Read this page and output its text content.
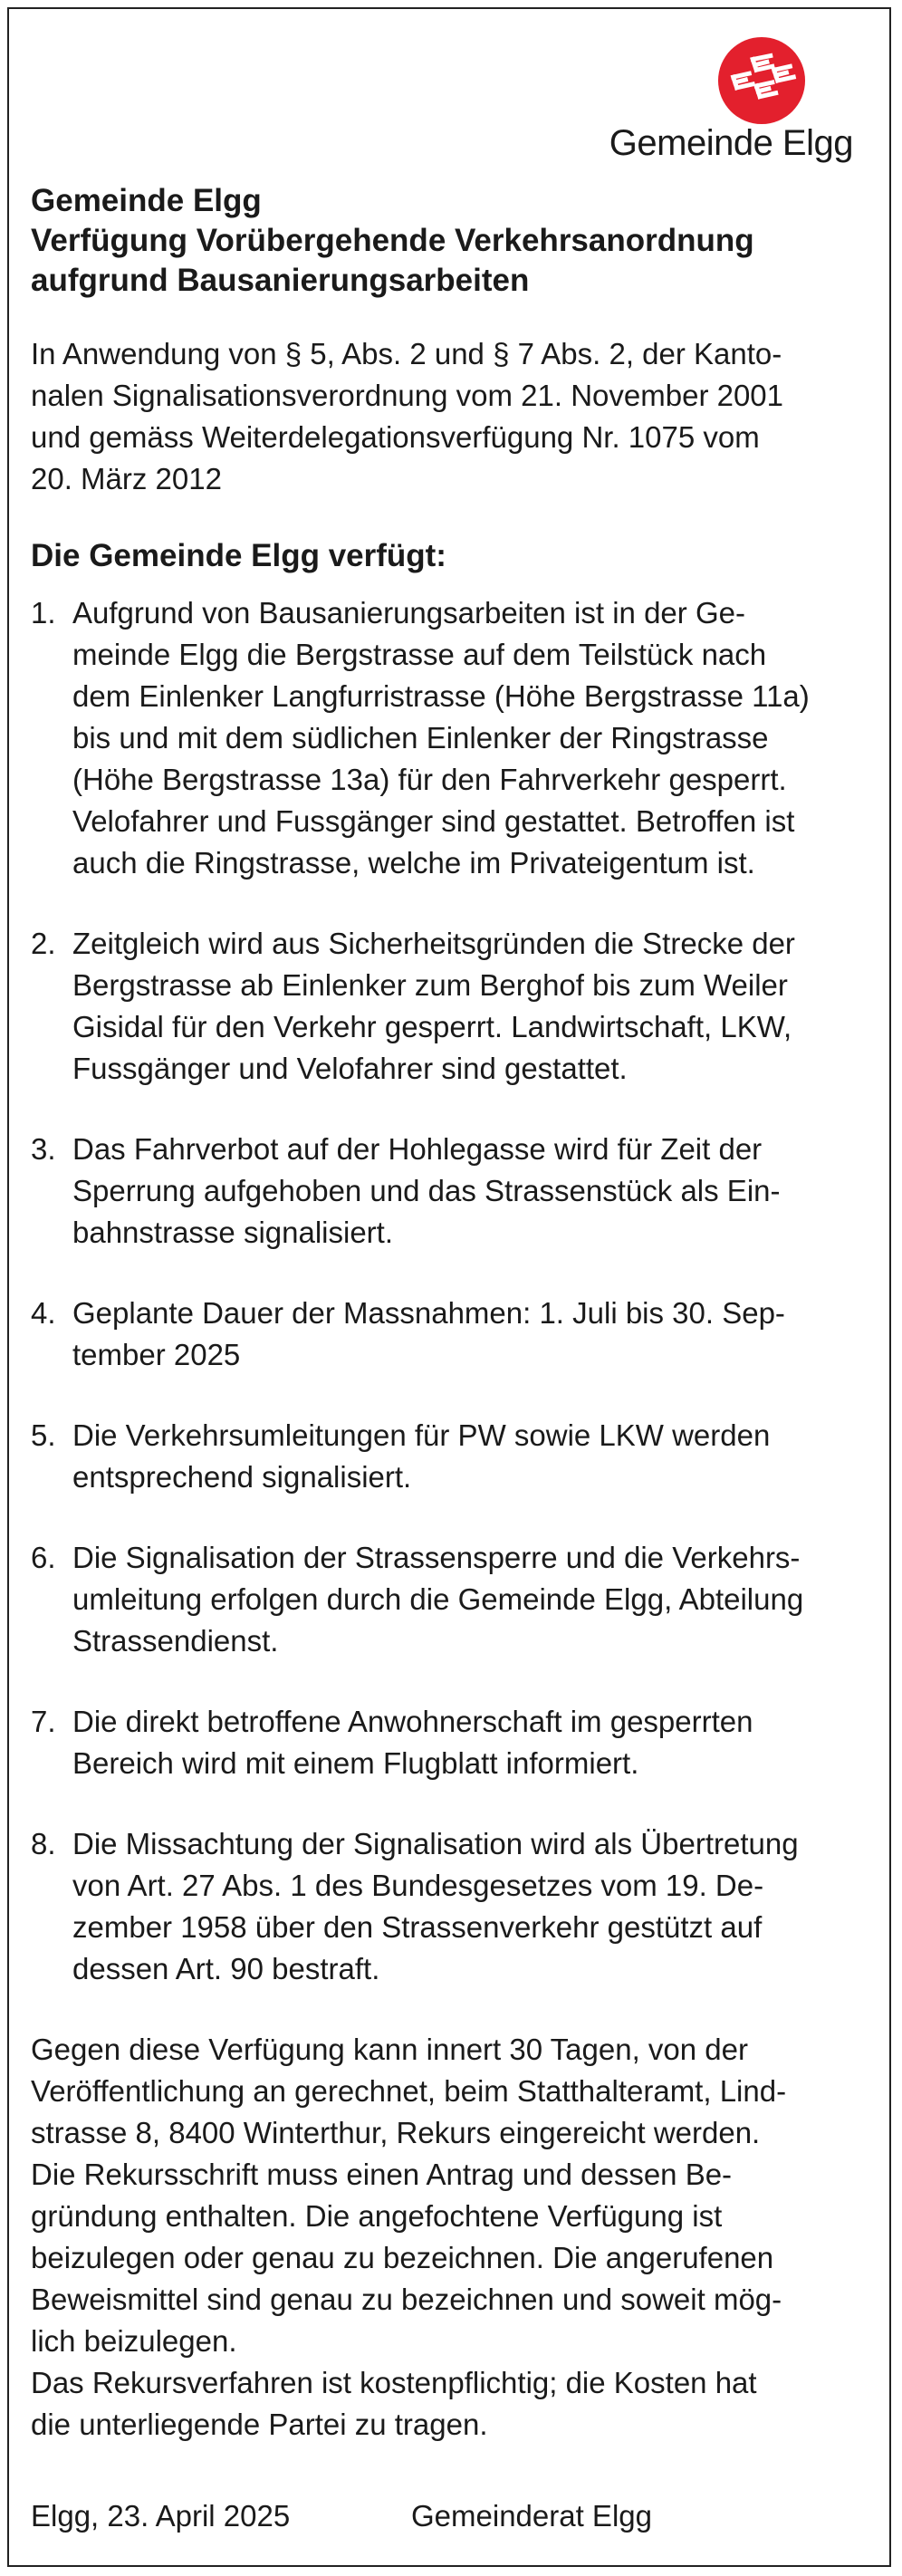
Gemeinde Elgg
Gemeinde Elgg
Verfügung Vorübergehende Verkehrsanordnung
aufgrund Bausanierungsarbeiten

In Anwendung von § 5, Abs. 2 und § 7 Abs. 2, der Kanto-
nalen Signalisationsverordnung vom 21. November 2001
und gemäss Weiterdelegationsverfügung Nr. 1075 vom
20. März 2012

Die Gemeinde Elgg verfügt:
1. Aufgrund von Bausanierungsarbeiten ist in der Ge-
meinde Elgg die Bergstrasse auf dem Teilstück nach
dem Einlenker Langfurristrasse (Höhe Bergstrasse 11a)
bis und mit dem südlichen Einlenker der Ringstrasse
(Höhe Bergstrasse 13a) für den Fahrverkehr gesperrt.
Velofahrer und Fussgänger sind gestattet. Betroffen ist
auch die Ringstrasse, welche im Privateigentum ist.
2. Zeitgleich wird aus Sicherheitsgründen die Strecke der
Bergstrasse ab Einlenker zum Berghof bis zum Weiler
Gisidal für den Verkehr gesperrt. Landwirtschaft, LKW,
Fussgänger und Velofahrer sind gestattet.
3. Das Fahrverbot auf der Hohlegasse wird für Zeit der
Sperrung aufgehoben und das Strassenstück als Ein-
bahnstrasse signalisiert.
4. Geplante Dauer der Massnahmen: 1. Juli bis 30. Sep-
tember 2025
5. Die Verkehrsumleitungen für PW sowie LKW werden
entsprechend signalisiert.
6. Die Signalisation der Strassensperre und die Verkehrs-
umleitung erfolgen durch die Gemeinde Elgg, Abteilung
Strassendienst.
7. Die direkt betroffene Anwohnerschaft im gesperrten
Bereich wird mit einem Flugblatt informiert.
8. Die Missachtung der Signalisation wird als Übertretung
von Art. 27 Abs. 1 des Bundesgesetzes vom 19. De-
zember 1958 über den Strassenverkehr gestützt auf
dessen Art. 90 bestraft.

Gegen diese Verfügung kann innert 30 Tagen, von der
Veröffentlichung an gerechnet, beim Statthalteramt, Lind-
strasse 8, 8400 Winterthur, Rekurs eingereicht werden.
Die Rekursschrift muss einen Antrag und dessen Be-
gründung enthalten. Die angefochtene Verfügung ist
beizulegen oder genau zu bezeichnen. Die angerufenen
Beweismittel sind genau zu bezeichnen und soweit mög-
lich beizulegen.
Das Rekursverfahren ist kostenpflichtig; die Kosten hat
die unterliegende Partei zu tragen.

Elgg, 23. April 2025	Gemeinderat Elgg
